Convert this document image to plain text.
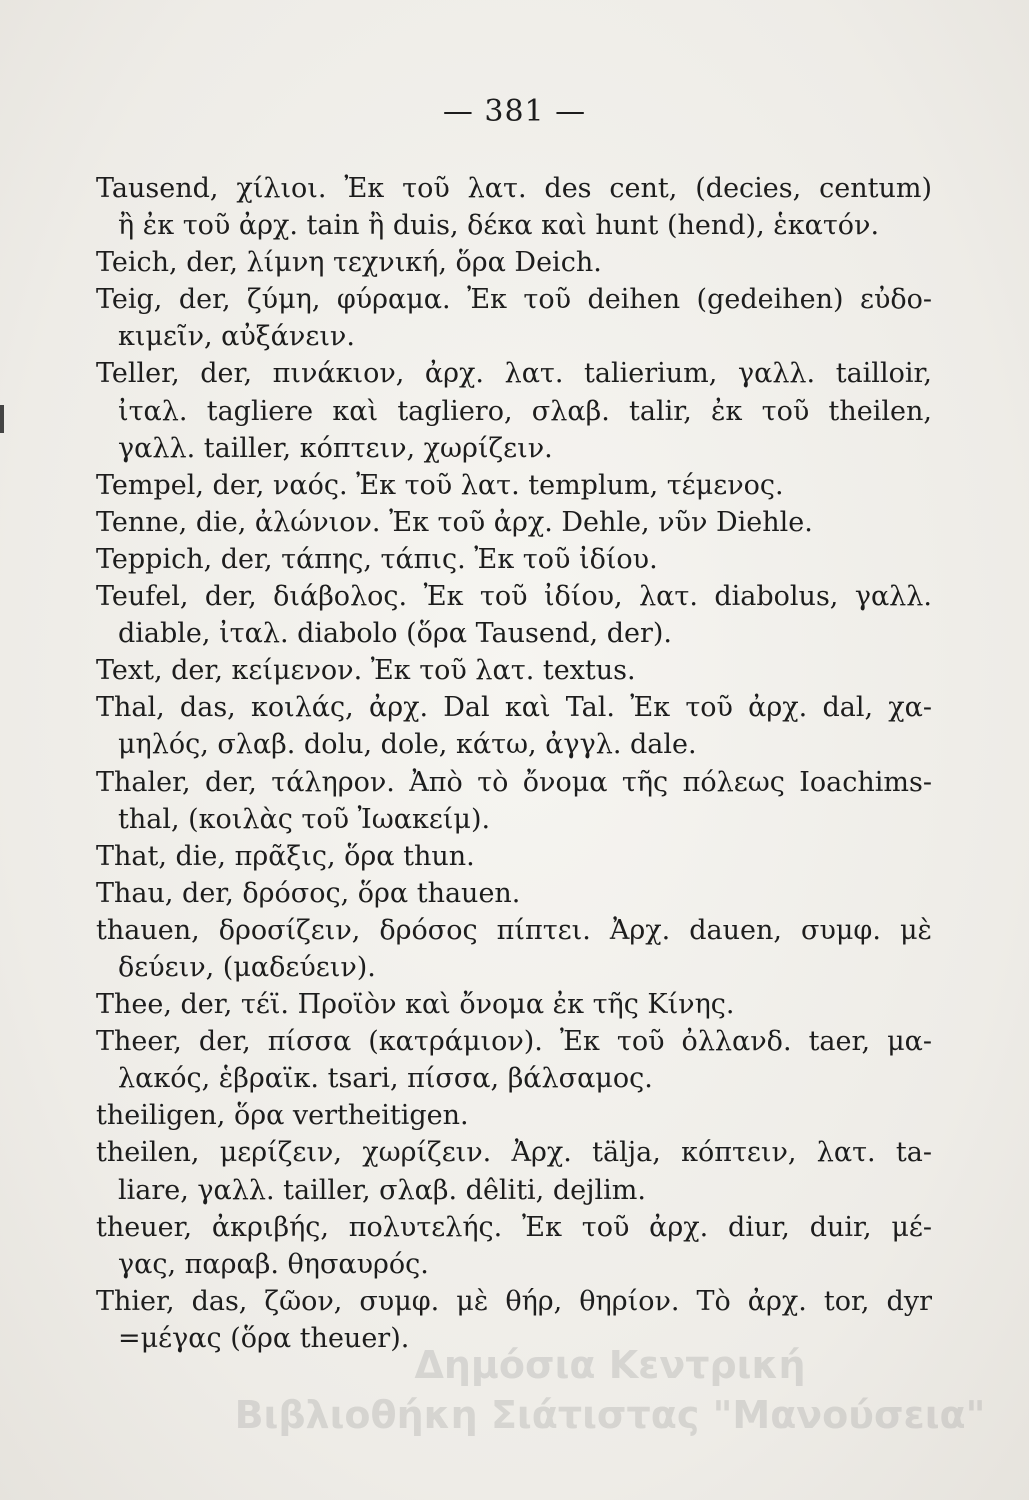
— 381 —
Tausend, χίλιοι. Ἐκ τοῦ λατ. des cent, (decies, centum)
ἢ ἐκ τοῦ ἀρχ. tain ἢ duis, δέκα καὶ hunt (hend), ἑκατόν.
Teich, der, λίμνη τεχνική, ὅρα Deich.
Teig, der, ζύμη, φύραμα. Ἐκ τοῦ deihen (gedeihen) εὐδο-
κιμεῖν, αὐξάνειν.
Teller, der, πινάκιον, ἀρχ. λατ. talierium, γαλλ. tailloir,
ἰταλ. tagliere καὶ tagliero, σλαβ. talir, ἐκ τοῦ theilen,
γαλλ. tailler, κόπτειν, χωρίζειν.
Tempel, der, ναός. Ἐκ τοῦ λατ. templum, τέμενος.
Tenne, die, ἀλώνιον. Ἐκ τοῦ ἀρχ. Dehle, νῦν Diehle.
Teppich, der, τάπης, τάπις. Ἐκ τοῦ ἰδίου.
Teufel, der, διάβολος. Ἐκ τοῦ ἰδίου, λατ. diabolus, γαλλ.
diable, ἰταλ. diabolo (ὅρα Tausend, der).
Text, der, κείμενον. Ἐκ τοῦ λατ. textus.
Thal, das, κοιλάς, ἀρχ. Dal καὶ Tal. Ἐκ τοῦ ἀρχ. dal, χα-
μηλός, σλαβ. dolu, dole, κάτω, ἀγγλ. dale.
Thaler, der, τάληρον. Ἀπὸ τὸ ὄνομα τῆς πόλεως Ioachims-
thal, (κοιλὰς τοῦ Ἰωακείμ).
That, die, πρᾶξις, ὅρα thun.
Thau, der, δρόσος, ὅρα thauen.
thauen, δροσίζειν, δρόσος πίπτει. Ἀρχ. dauen, συμφ. μὲ
δεύειν, (μαδεύειν).
Thee, der, τέϊ. Προϊὸν καὶ ὄνομα ἐκ τῆς Κίνης.
Theer, der, πίσσα (κατράμιον). Ἐκ τοῦ ὀλλανδ. taer, μα-
λακός, ἑβραϊκ. tsari, πίσσα, βάλσαμος.
theiligen, ὅρα vertheitigen.
theilen, μερίζειν, χωρίζειν. Ἀρχ. tälja, κόπτειν, λατ. ta-
liare, γαλλ. tailler, σλαβ. dêliti, dejlim.
theuer, ἀκριβής, πολυτελής. Ἐκ τοῦ ἀρχ. diur, duir, μέ-
γας, παραβ. θησαυρός.
Thier, das, ζῶον, συμφ. μὲ θήρ, θηρίον. Τὸ ἀρχ. tor, dyr
=μέγας (ὅρα theuer).
Δημόσια Κεντρική
Βιβλιοθήκη Σιάτιστας "Μανούσεια"
